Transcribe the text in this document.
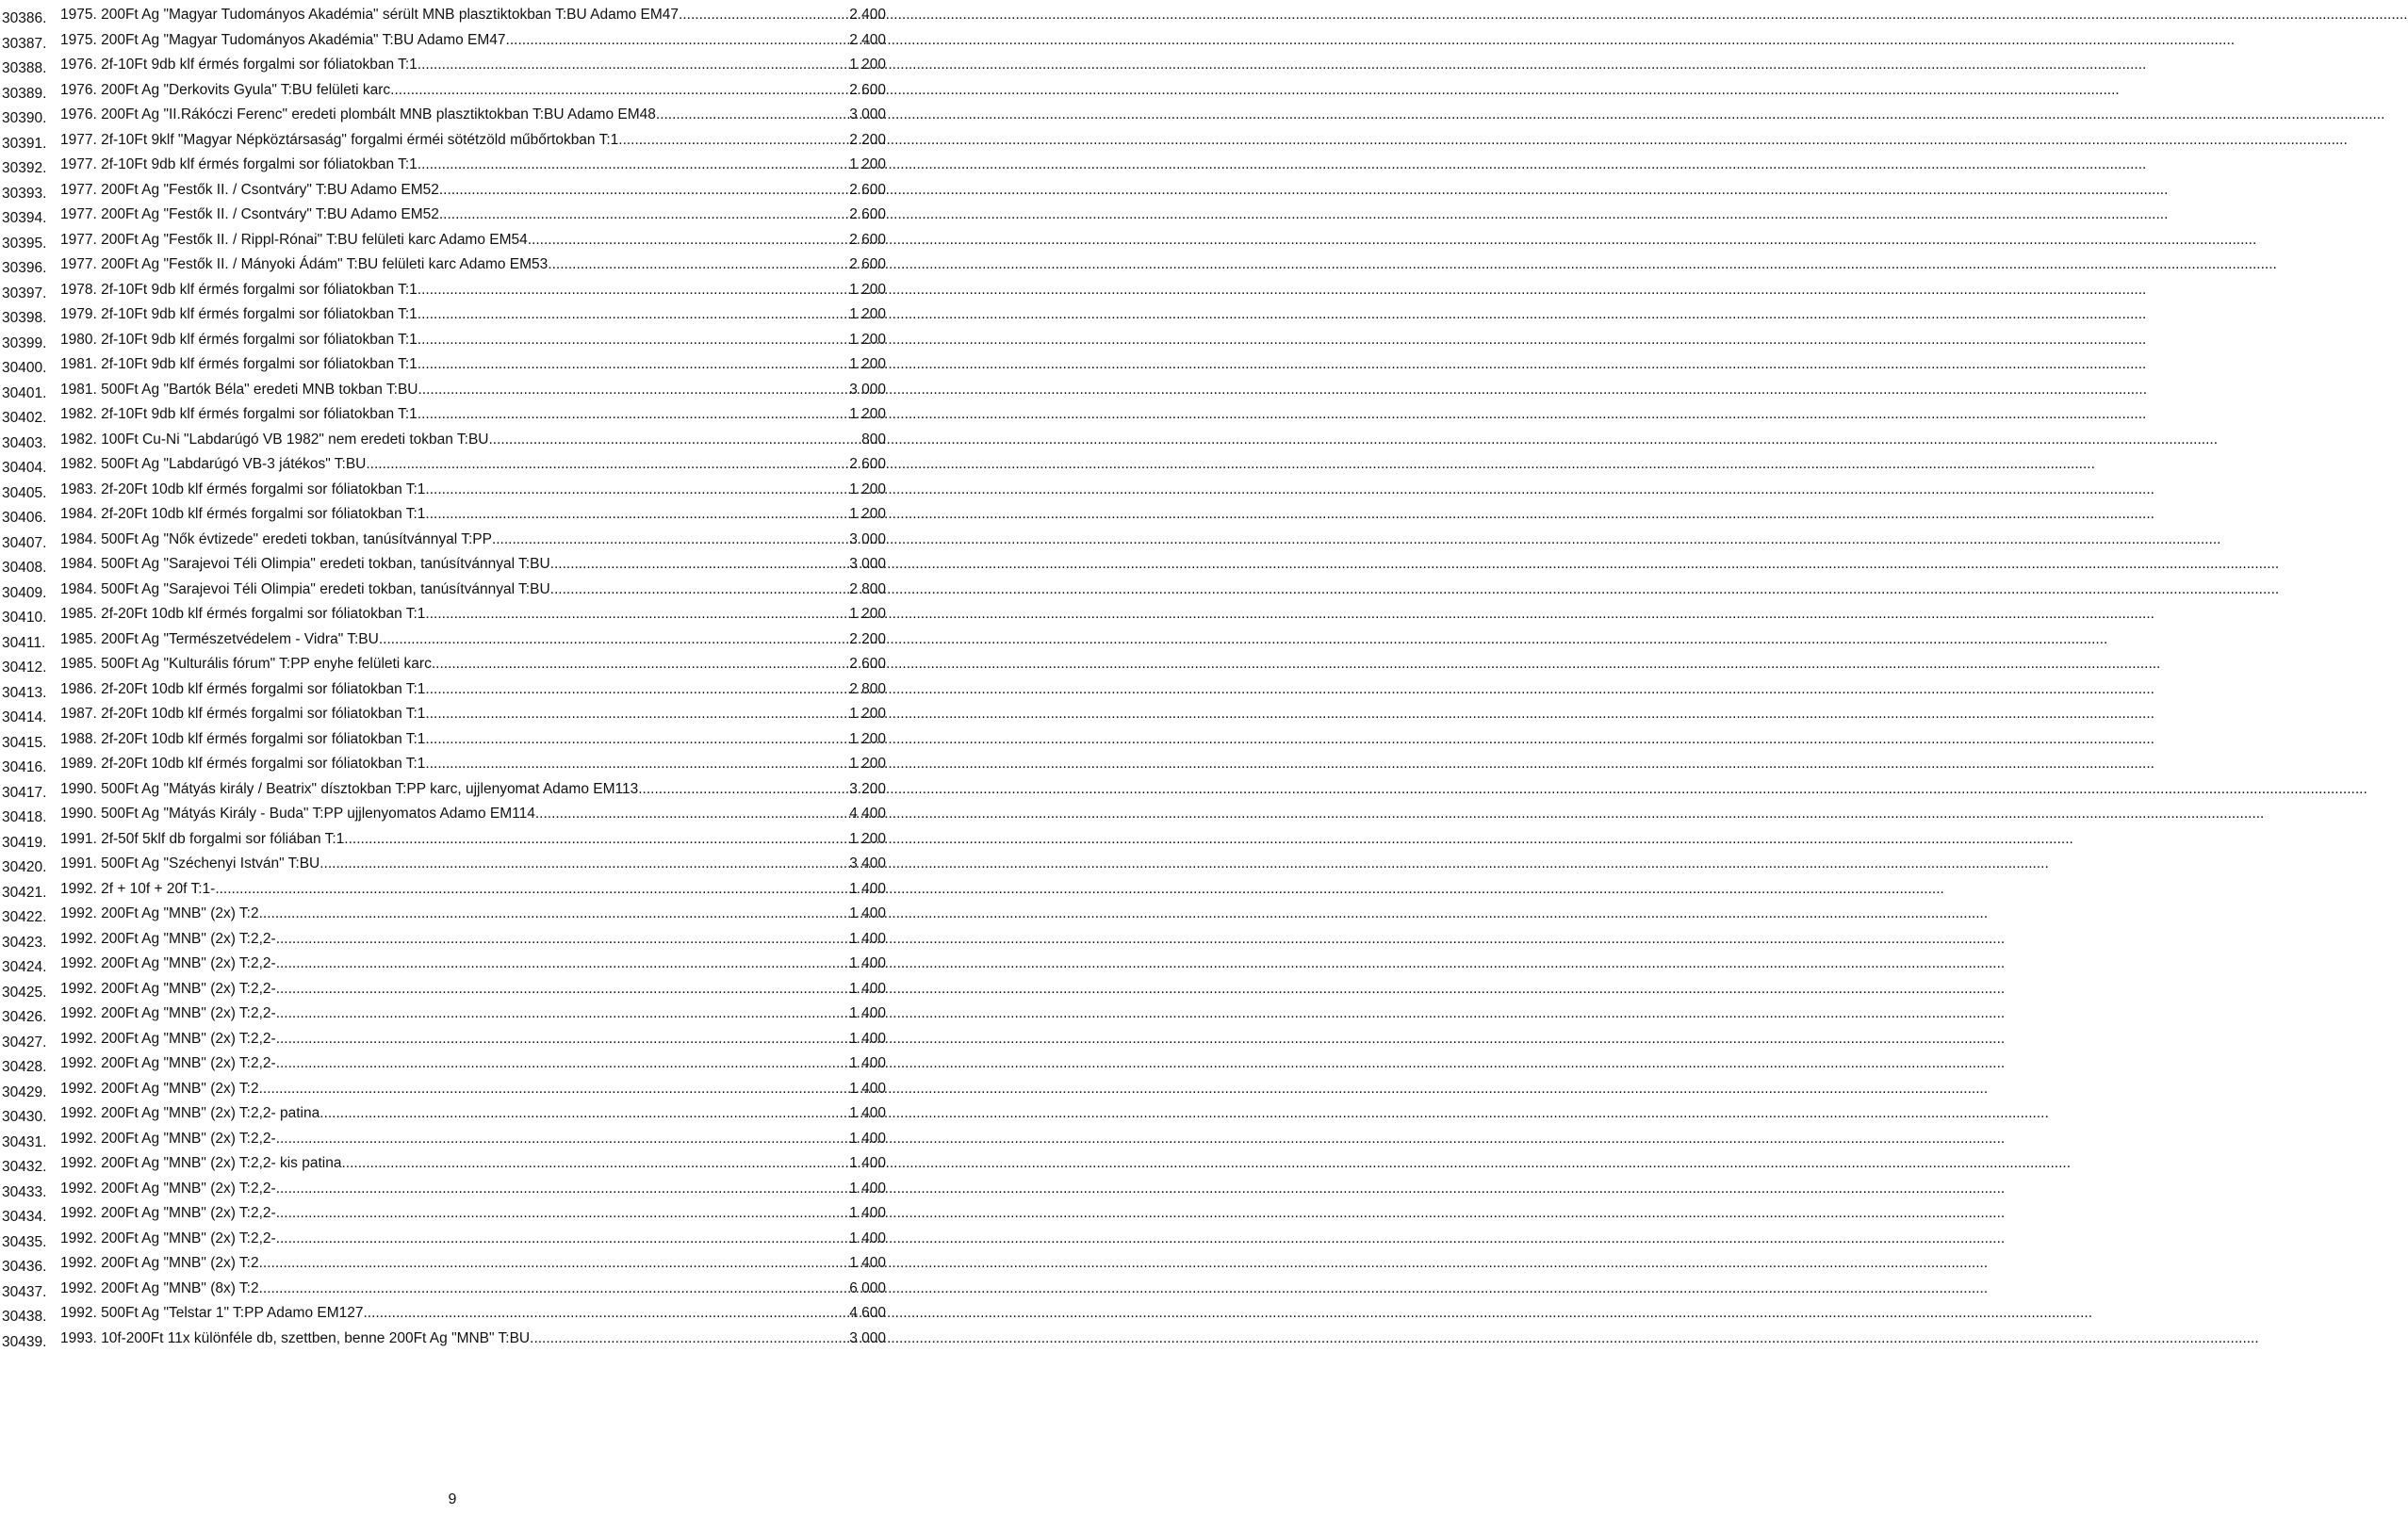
30386. 1975. 200Ft Ag "Magyar Tudományos Akadémia" sérült MNB plasztiktokban T:BU Adamo EM47 .....	2 400
30387. 1975. 200Ft Ag "Magyar Tudományos Akadémia" T:BU Adamo EM47 .....	2 400
30388. 1976. 2f-10Ft 9db klf érmés forgalmi sor fóliatokban T:1 .....	1 200
30389. 1976. 200Ft Ag "Derkovits Gyula" T:BU felületi karc .....	2 600
30390. 1976. 200Ft Ag "II.Rákóczi Ferenc" eredeti plombált MNB plasztiktokban T:BU Adamo EM48 .....	3 000
30391. 1977. 2f-10Ft 9klf "Magyar Népköztársaság" forgalmi érméi sötétzöld műbőrtokban T:1 .....	2 200
30392. 1977. 2f-10Ft 9db klf érmés forgalmi sor fóliatokban T:1 .....	1 200
30393. 1977. 200Ft Ag "Festők II. / Csontváry" T:BU Adamo EM52 .....	2 600
30394. 1977. 200Ft Ag "Festők II. / Csontváry" T:BU Adamo EM52 .....	2 600
30395. 1977. 200Ft Ag "Festők II. / Rippl-Rónai" T:BU felületi karc Adamo EM54 .....	2 600
30396. 1977. 200Ft Ag "Festők II. / Mányoki Ádám" T:BU felületi karc Adamo EM53 .....	2 600
30397. 1978. 2f-10Ft 9db klf érmés forgalmi sor fóliatokban T:1 .....	1 200
30398. 1979. 2f-10Ft 9db klf érmés forgalmi sor fóliatokban T:1 .....	1 200
30399. 1980. 2f-10Ft 9db klf érmés forgalmi sor fóliatokban T:1 .....	1 200
30400. 1981. 2f-10Ft 9db klf érmés forgalmi sor fóliatokban T:1 .....	1 200
30401. 1981. 500Ft Ag "Bartók Béla" eredeti MNB tokban T:BU .....	3 000
30402. 1982. 2f-10Ft 9db klf érmés forgalmi sor fóliatokban T:1 .....	1 200
30403. 1982. 100Ft Cu-Ni "Labdarúgó VB 1982" nem eredeti tokban T:BU .....	800
30404. 1982. 500Ft Ag "Labdarúgó VB-3 játékos" T:BU .....	2 600
30405. 1983. 2f-20Ft 10db klf érmés forgalmi sor fóliatokban T:1 .....	1 200
30406. 1984. 2f-20Ft 10db klf érmés forgalmi sor fóliatokban T:1 .....	1 200
30407. 1984. 500Ft Ag "Nők évtizede" eredeti tokban, tanúsítvánnyal T:PP .....	3 000
30408. 1984. 500Ft Ag "Sarajevoi Téli Olimpia" eredeti tokban, tanúsítvánnyal T:BU .....	3 000
30409. 1984. 500Ft Ag "Sarajevoi Téli Olimpia" eredeti tokban, tanúsítvánnyal T:BU .....	2 800
30410. 1985. 2f-20Ft 10db klf érmés forgalmi sor fóliatokban T:1 .....	1 200
30411. 1985. 200Ft Ag "Természetvédelem - Vidra" T:BU .....	2 200
30412. 1985. 500Ft Ag "Kulturális fórum" T:PP enyhe felületi karc .....	2 600
30413. 1986. 2f-20Ft 10db klf érmés forgalmi sor fóliatokban T:1 .....	2 800
30414. 1987. 2f-20Ft 10db klf érmés forgalmi sor fóliatokban T:1 .....	1 200
30415. 1988. 2f-20Ft 10db klf érmés forgalmi sor fóliatokban T:1 .....	1 200
30416. 1989. 2f-20Ft 10db klf érmés forgalmi sor fóliatokban T:1 .....	1 200
30417. 1990. 500Ft Ag "Mátyás király / Beatrix" dísztokban T:PP karc, ujjlenyomat Adamo EM113 .....	3 200
30418. 1990. 500Ft Ag "Mátyás Király - Buda" T:PP ujjlenyomatos Adamo EM114 .....	4 400
30419. 1991. 2f-50f 5klf db forgalmi sor fóliában T:1 .....	1 200
30420. 1991. 500Ft Ag "Széchenyi István" T:BU .....	3 400
30421. 1992. 2f + 10f + 20f T:1- .....	1 400
30422. 1992. 200Ft Ag "MNB" (2x) T:2 .....	1 400
30423. 1992. 200Ft Ag "MNB" (2x) T:2,2- .....	1 400
30424. 1992. 200Ft Ag "MNB" (2x) T:2,2- .....	1 400
30425. 1992. 200Ft Ag "MNB" (2x) T:2,2- .....	1 400
30426. 1992. 200Ft Ag "MNB" (2x) T:2,2- .....	1 400
30427. 1992. 200Ft Ag "MNB" (2x) T:2,2- .....	1 400
30428. 1992. 200Ft Ag "MNB" (2x) T:2,2- .....	1 400
30429. 1992. 200Ft Ag "MNB" (2x) T:2 .....	1 400
30430. 1992. 200Ft Ag "MNB" (2x) T:2,2- patina .....	1 400
30431. 1992. 200Ft Ag "MNB" (2x) T:2,2- .....	1 400
30432. 1992. 200Ft Ag "MNB" (2x) T:2,2- kis patina .....	1 400
30433. 1992. 200Ft Ag "MNB" (2x) T:2,2- .....	1 400
30434. 1992. 200Ft Ag "MNB" (2x) T:2,2- .....	1 400
30435. 1992. 200Ft Ag "MNB" (2x) T:2,2- .....	1 400
30436. 1992. 200Ft Ag "MNB" (2x) T:2 .....	1 400
30437. 1992. 200Ft Ag "MNB" (8x) T:2 .....	6 000
30438. 1992. 500Ft Ag "Telstar 1" T:PP Adamo EM127 .....	4 600
30439. 1993. 10f-200Ft 11x különféle db, szettben, benne 200Ft Ag "MNB" T:BU .....	3 000
9
